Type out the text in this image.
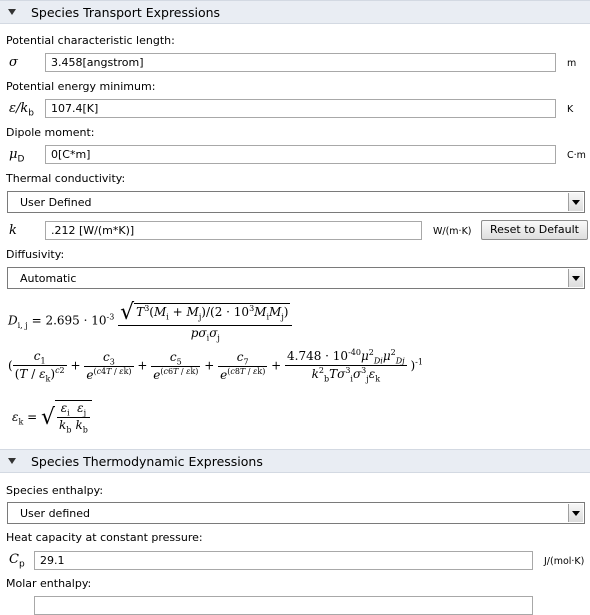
Species Transport Expressions
Potential characteristic length:
σ	3.458[angstrom]	m
Potential energy minimum:
$\varepsilon/k_b$	107.4[K]	K
Dipole moment:
$\mu_D$	0[C*m]	C·m
Thermal conductivity:
User Defined
k	.212 [W/(m*K)]	W/(m·K)	Reset to Default
Diffusivity:
Automatic
$D_{i, j} = 2.695 \cdot 10^{-3} \frac{√ T^3(M_i + M_j)/(2 \cdot 10^3M_iM_j)}{p\sigma_i\sigma_j}$
( $\frac{c_1}{(T / \varepsilon_k)^{c2}} + \frac{c_3}{e^{(c4T / \varepsilon k)}} + \frac{c_5}{e^{(c6T / \varepsilon k)}} + \frac{c_7}{e^{(c8T / \varepsilon k)}} + \frac{4.748 \cdot 10^{-40}\mu^2_{Di}\mu^2_{Dj}}{k^2_bT\sigma^3_i\sigma^3_j\varepsilon_k} )^{-1}$
$\varepsilon_k$ = √ $\frac{\varepsilon_i}{k_b} \frac{\varepsilon_j}{k_b}$
Species Thermodynamic Expressions
Species enthalpy:
User defined
Heat capacity at constant pressure:
$C_p$	29.1	J/(mol·K)
Molar enthalpy:
